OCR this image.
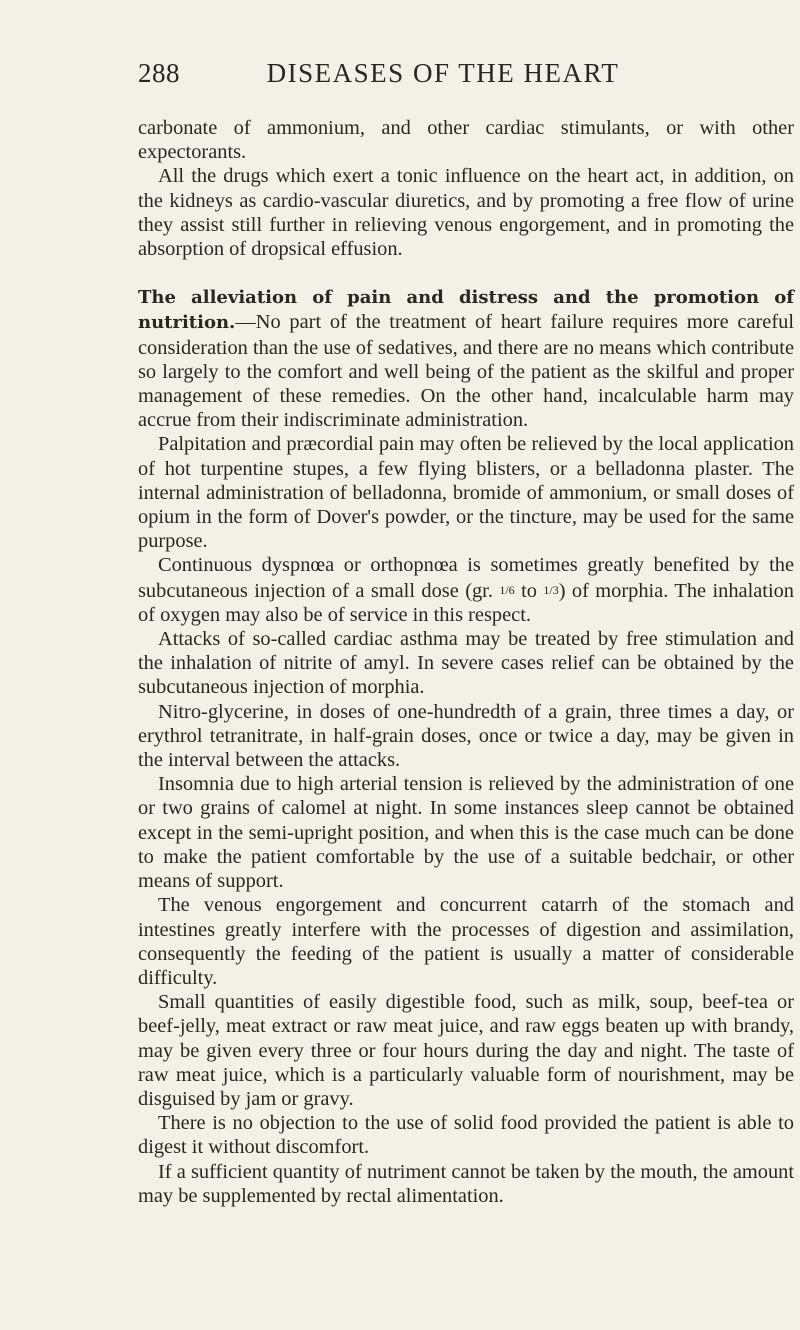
288	DISEASES OF THE HEART

carbonate of ammonium, and other cardiac stimulants, or with other expectorants.

All the drugs which exert a tonic influence on the heart act, in addition, on the kidneys as cardio-vascular diuretics, and by promoting a free flow of urine they assist still further in relieving venous engorgement, and in promoting the absorption of dropsical effusion.

The alleviation of pain and distress and the promotion of nutrition.—No part of the treatment of heart failure requires more careful consideration than the use of sedatives, and there are no means which contribute so largely to the comfort and well being of the patient as the skilful and proper management of these remedies. On the other hand, incalculable harm may accrue from their indiscriminate administration.

Palpitation and præcordial pain may often be relieved by the local application of hot turpentine stupes, a few flying blisters, or a belladonna plaster. The internal administration of belladonna, bromide of ammonium, or small doses of opium in the form of Dover's powder, or the tincture, may be used for the same purpose.

Continuous dyspnœa or orthopnœa is sometimes greatly benefited by the subcutaneous injection of a small dose (gr. 1/6 to 1/3) of morphia. The inhalation of oxygen may also be of service in this respect.

Attacks of so-called cardiac asthma may be treated by free stimulation and the inhalation of nitrite of amyl. In severe cases relief can be obtained by the subcutaneous injection of morphia.

Nitro-glycerine, in doses of one-hundredth of a grain, three times a day, or erythrol tetranitrate, in half-grain doses, once or twice a day, may be given in the interval between the attacks.

Insomnia due to high arterial tension is relieved by the administration of one or two grains of calomel at night. In some instances sleep cannot be obtained except in the semi-upright position, and when this is the case much can be done to make the patient comfortable by the use of a suitable bedchair, or other means of support.

The venous engorgement and concurrent catarrh of the stomach and intestines greatly interfere with the processes of digestion and assimilation, consequently the feeding of the patient is usually a matter of considerable difficulty.

Small quantities of easily digestible food, such as milk, soup, beef-tea or beef-jelly, meat extract or raw meat juice, and raw eggs beaten up with brandy, may be given every three or four hours during the day and night. The taste of raw meat juice, which is a particularly valuable form of nourishment, may be disguised by jam or gravy.

There is no objection to the use of solid food provided the patient is able to digest it without discomfort.

If a sufficient quantity of nutriment cannot be taken by the mouth, the amount may be supplemented by rectal alimentation.
